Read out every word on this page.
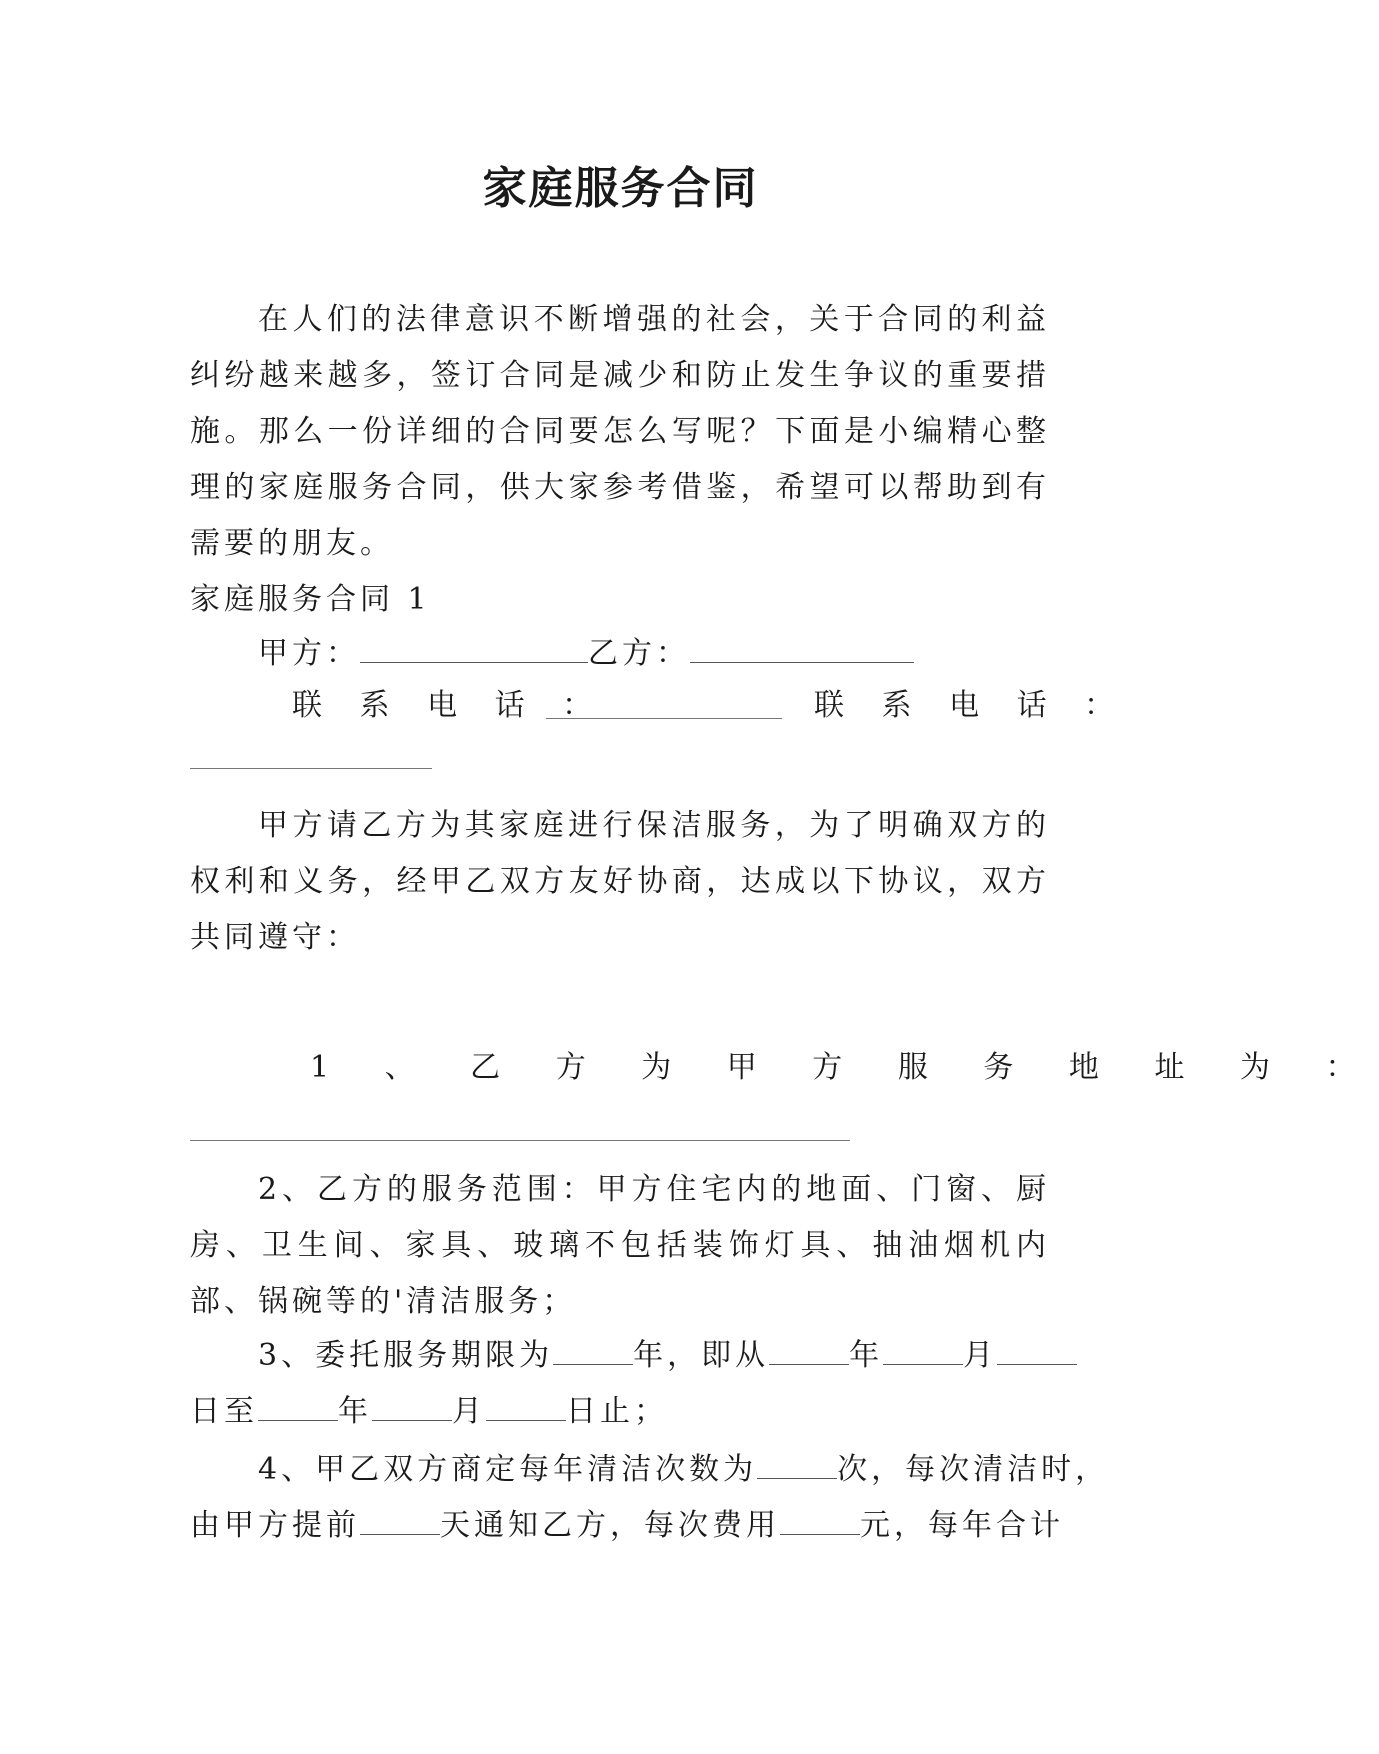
家庭服务合同
在人们的法律意识不断增强的社会，关于合同的利益纠纷越来越多，签订合同是减少和防止发生争议的重要措施。那么一份详细的合同要怎么写呢？下面是小编精心整理的家庭服务合同，供大家参考借鉴，希望可以帮助到有需要的朋友。
家庭服务合同 1
甲方：	乙方：
联 系 电 话 ：	联 系 电 话 ：
甲方请乙方为其家庭进行保洁服务，为了明确双方的权利和义务，经甲乙双方友好协商，达成以下协议，双方共同遵守：
1 、 乙 方 为 甲 方 服 务 地 址 为 ：
2、乙方的服务范围：甲方住宅内的地面、门窗、厨房、卫生间、家具、玻璃不包括装饰灯具、抽油烟机内部、锅碗等的'清洁服务；
3、委托服务期限为	年，即从	年	月
日至	年	月	日止；
4、甲乙双方商定每年清洁次数为	次，每次清洁时，
由甲方提前	天通知乙方，每次费用	元，每年合计
